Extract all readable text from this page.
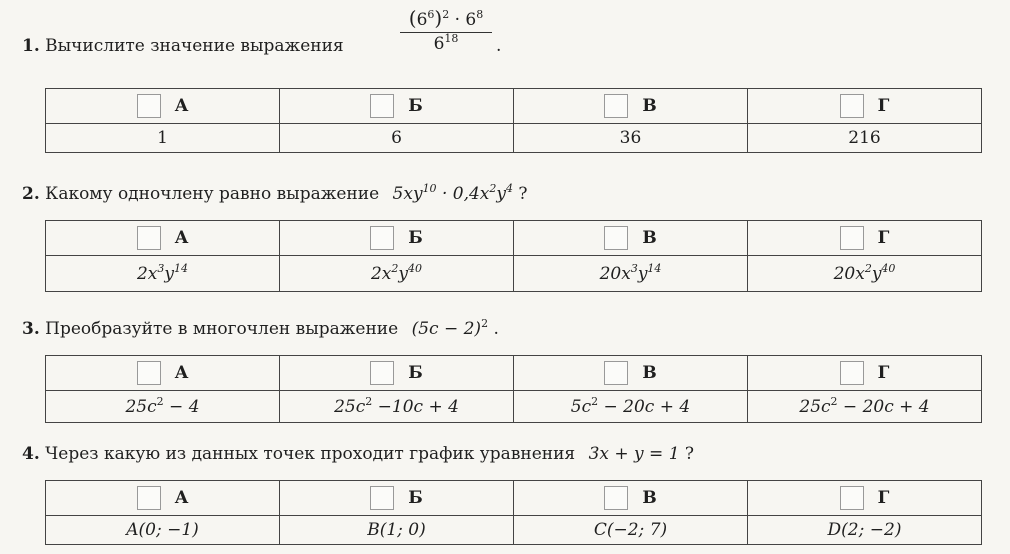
1. Вычислите значение выражения
$(6^6)^2 \cdot 6^8$
$6^{18}$	.
А	Б	В	Г
1	6	36	216
2. Какому одночлену равно выражение $5xy^{10} \cdot 0,4x^2y^4$ ?
А	Б	В	Г
$2x^3y^{14}$	$2x^2y^{40}$	$20x^3y^{14}$	$20x^2y^{40}$
3. Преобразуйте в многочлен выражение $(5c - 2)^2$ .
А	Б	В	Г
$25c^2 - 4$	$25c^2 -10c + 4$	$5c^2 - 20c + 4$	$25c^2 - 20c + 4$
4. Через какую из данных точек проходит график уравнения 3x + y = 1 ?
А	Б	В	Г
A(0; −1)	B(1; 0)	C(−2; 7)	D(2; −2)
